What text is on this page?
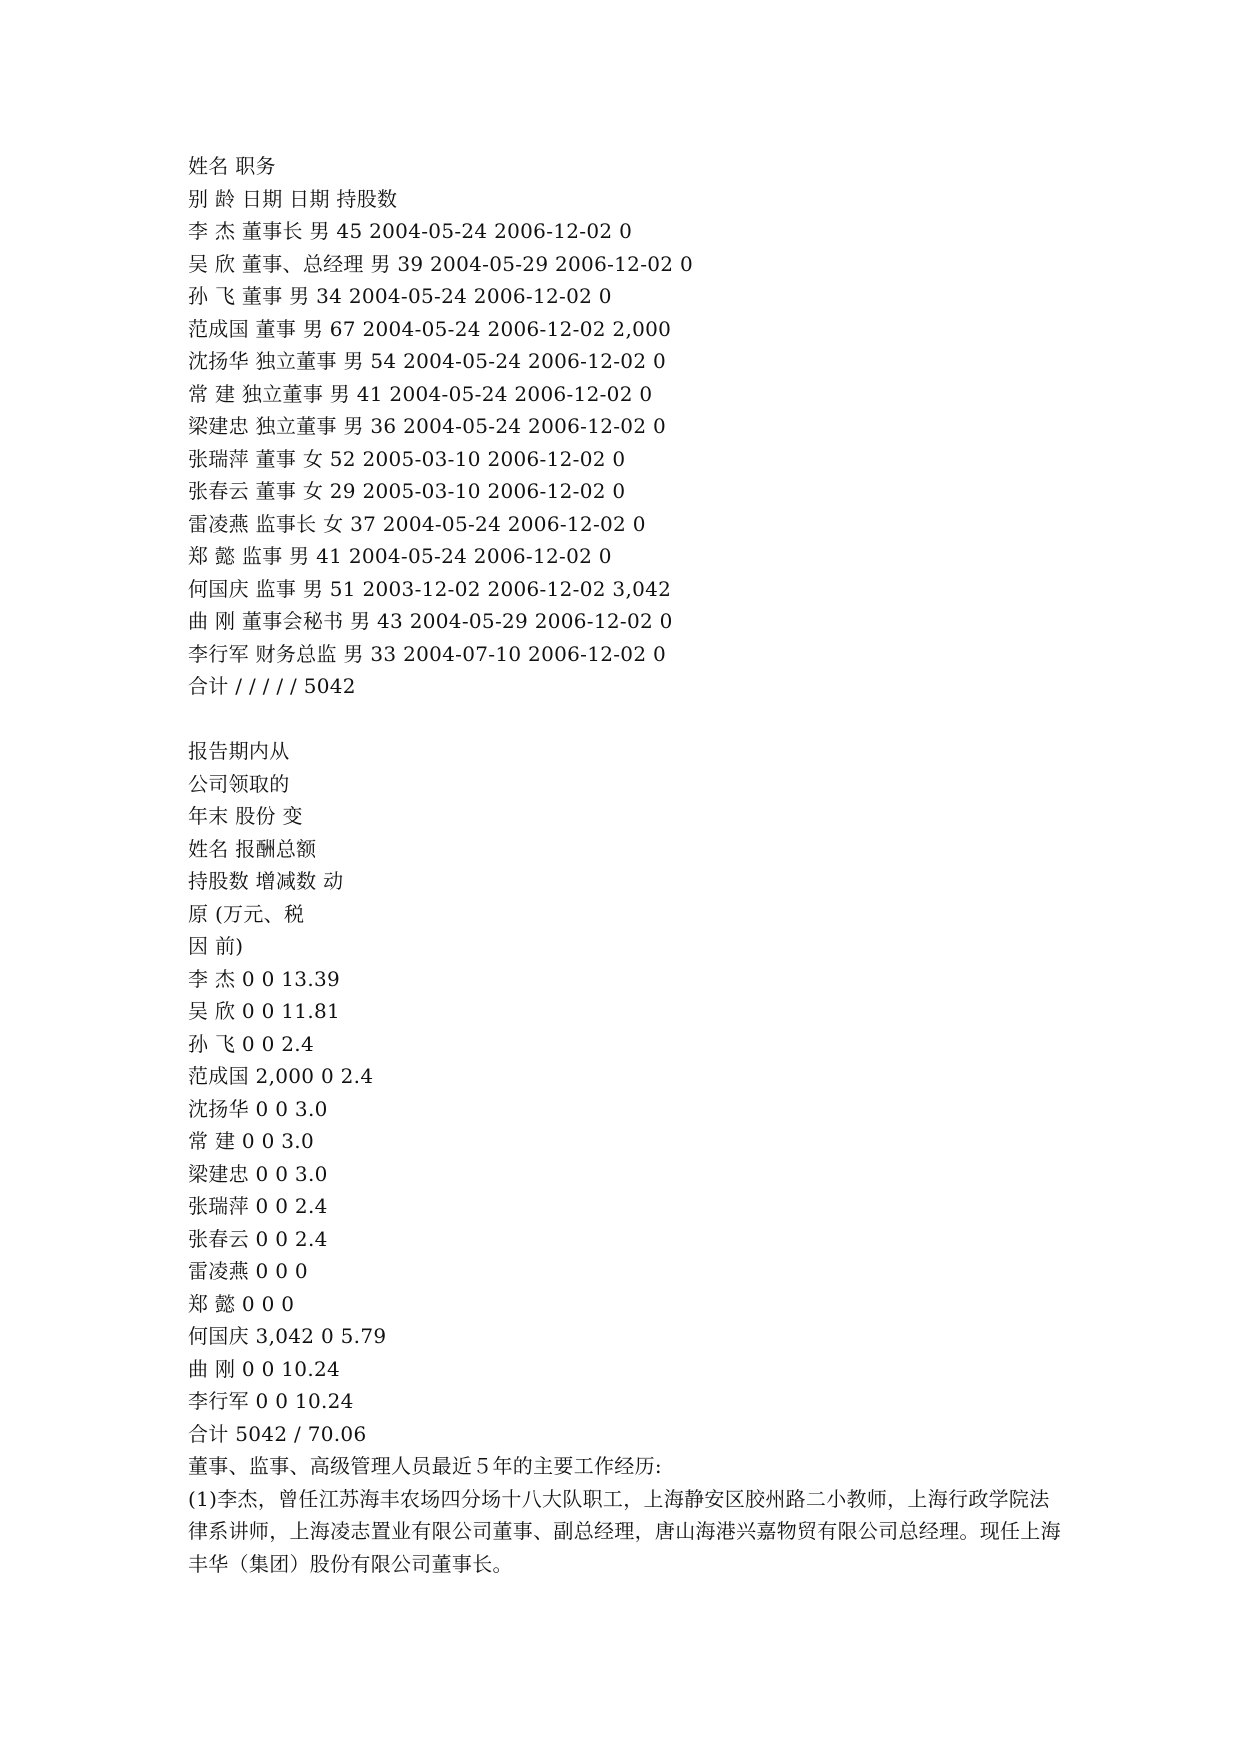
姓名 职务
别 龄 日期 日期 持股数
李 杰 董事长 男 45 2004-05-24 2006-12-02 0
吴 欣 董事、总经理 男 39 2004-05-29 2006-12-02 0
孙 飞 董事 男 34 2004-05-24 2006-12-02 0
范成国 董事 男 67 2004-05-24 2006-12-02 2,000
沈扬华 独立董事 男 54 2004-05-24 2006-12-02 0
常 建 独立董事 男 41 2004-05-24 2006-12-02 0
梁建忠 独立董事 男 36 2004-05-24 2006-12-02 0
张瑞萍 董事 女 52 2005-03-10 2006-12-02 0
张春云 董事 女 29 2005-03-10 2006-12-02 0
雷凌燕 监事长 女 37 2004-05-24 2006-12-02 0
郑 懿 监事 男 41 2004-05-24 2006-12-02 0
何国庆 监事 男 51 2003-12-02 2006-12-02 3,042
曲 刚 董事会秘书 男 43 2004-05-29 2006-12-02 0
李行军 财务总监 男 33 2004-07-10 2006-12-02 0
合计 / / / / / 5042
报告期内从
公司领取的
年末 股份 变
姓名 报酬总额
持股数 增减数 动
原 (万元、税
因 前)
李 杰 0 0 13.39
吴 欣 0 0 11.81
孙 飞 0 0 2.4
范成国 2,000 0 2.4
沈扬华 0 0 3.0
常 建 0 0 3.0
梁建忠 0 0 3.0
张瑞萍 0 0 2.4
张春云 0 0 2.4
雷凌燕 0 0 0
郑 懿 0 0 0
何国庆 3,042 0 5.79
曲 刚 0 0 10.24
李行军 0 0 10.24
合计 5042 / 70.06
董事、监事、高级管理人员最近５年的主要工作经历:
(1)李杰，曾任江苏海丰农场四分场十八大队职工，上海静安区胶州路二小教师，上海行政学院法律系讲师，上海凌志置业有限公司董事、副总经理，唐山海港兴嘉物贸有限公司总经理。现任上海丰华（集团）股份有限公司董事长。
